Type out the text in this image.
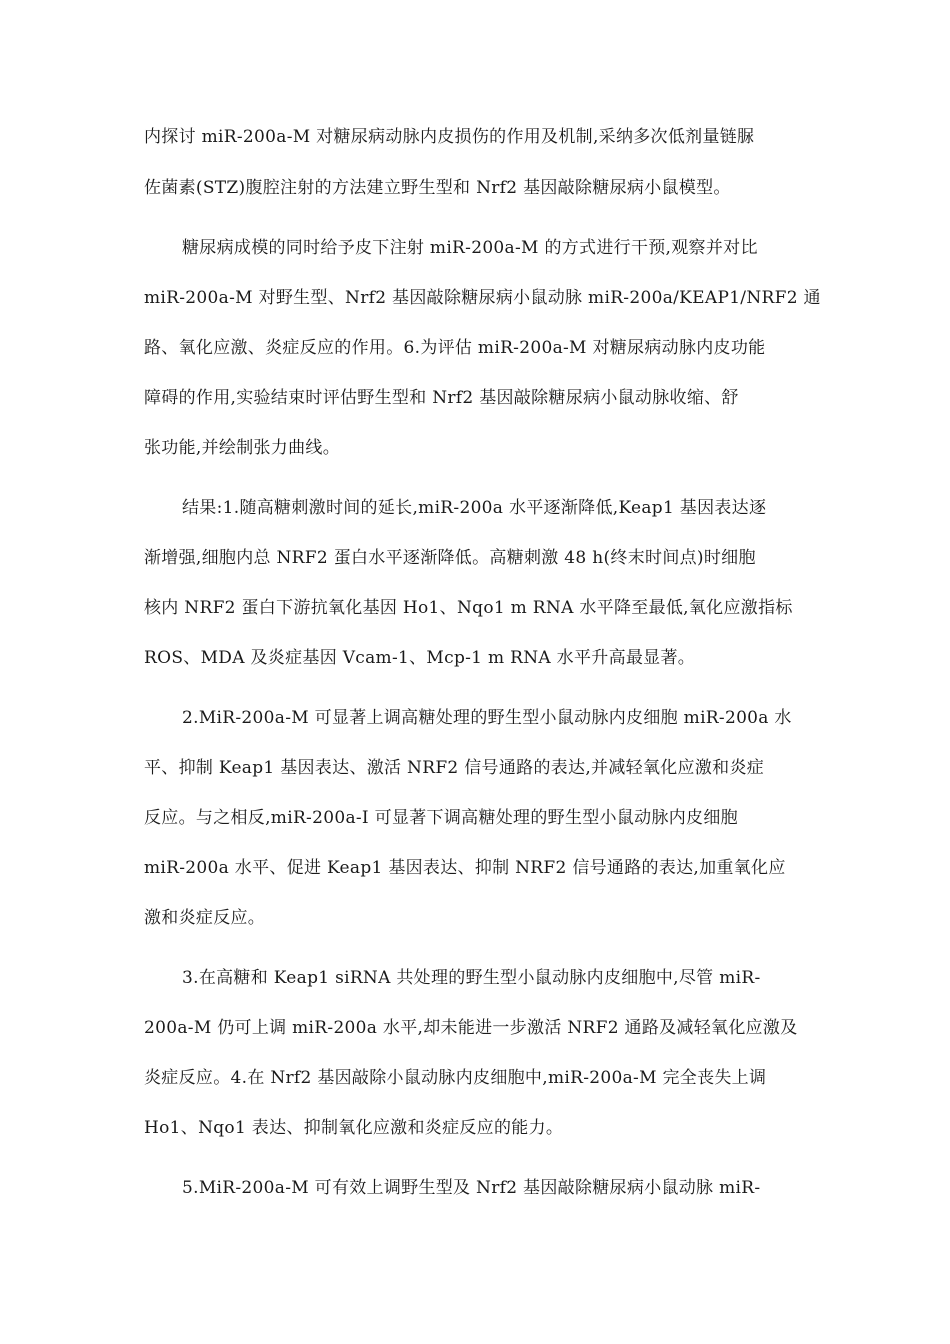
内探讨 miR-200a-M 对糖尿病动脉内皮损伤的作用及机制,采纳多次低剂量链脲
佐菌素(STZ)腹腔注射的方法建立野生型和 Nrf2 基因敲除糖尿病小鼠模型。
糖尿病成模的同时给予皮下注射 miR-200a-M 的方式进行干预,观察并对比
miR-200a-M 对野生型、Nrf2 基因敲除糖尿病小鼠动脉 miR-200a/KEAP1/NRF2 通
路、氧化应激、炎症反应的作用。6.为评估 miR-200a-M 对糖尿病动脉内皮功能
障碍的作用,实验结束时评估野生型和 Nrf2 基因敲除糖尿病小鼠动脉收缩、舒
张功能,并绘制张力曲线。
结果:1.随高糖刺激时间的延长,miR-200a 水平逐渐降低,Keap1 基因表达逐
渐增强,细胞内总 NRF2 蛋白水平逐渐降低。高糖刺激 48 h(终末时间点)时细胞
核内 NRF2 蛋白下游抗氧化基因 Ho1、Nqo1 m RNA 水平降至最低,氧化应激指标
ROS、MDA 及炎症基因 Vcam-1、Mcp-1 m RNA 水平升高最显著。
2.MiR-200a-M 可显著上调高糖处理的野生型小鼠动脉内皮细胞 miR-200a 水
平、抑制 Keap1 基因表达、激活 NRF2 信号通路的表达,并减轻氧化应激和炎症
反应。与之相反,miR-200a-I 可显著下调高糖处理的野生型小鼠动脉内皮细胞
miR-200a 水平、促进 Keap1 基因表达、抑制 NRF2 信号通路的表达,加重氧化应
激和炎症反应。
3.在高糖和 Keap1 siRNA 共处理的野生型小鼠动脉内皮细胞中,尽管 miR-
200a-M 仍可上调 miR-200a 水平,却未能进一步激活 NRF2 通路及减轻氧化应激及
炎症反应。4.在 Nrf2 基因敲除小鼠动脉内皮细胞中,miR-200a-M 完全丧失上调
Ho1、Nqo1 表达、抑制氧化应激和炎症反应的能力。
5.MiR-200a-M 可有效上调野生型及 Nrf2 基因敲除糖尿病小鼠动脉 miR-
